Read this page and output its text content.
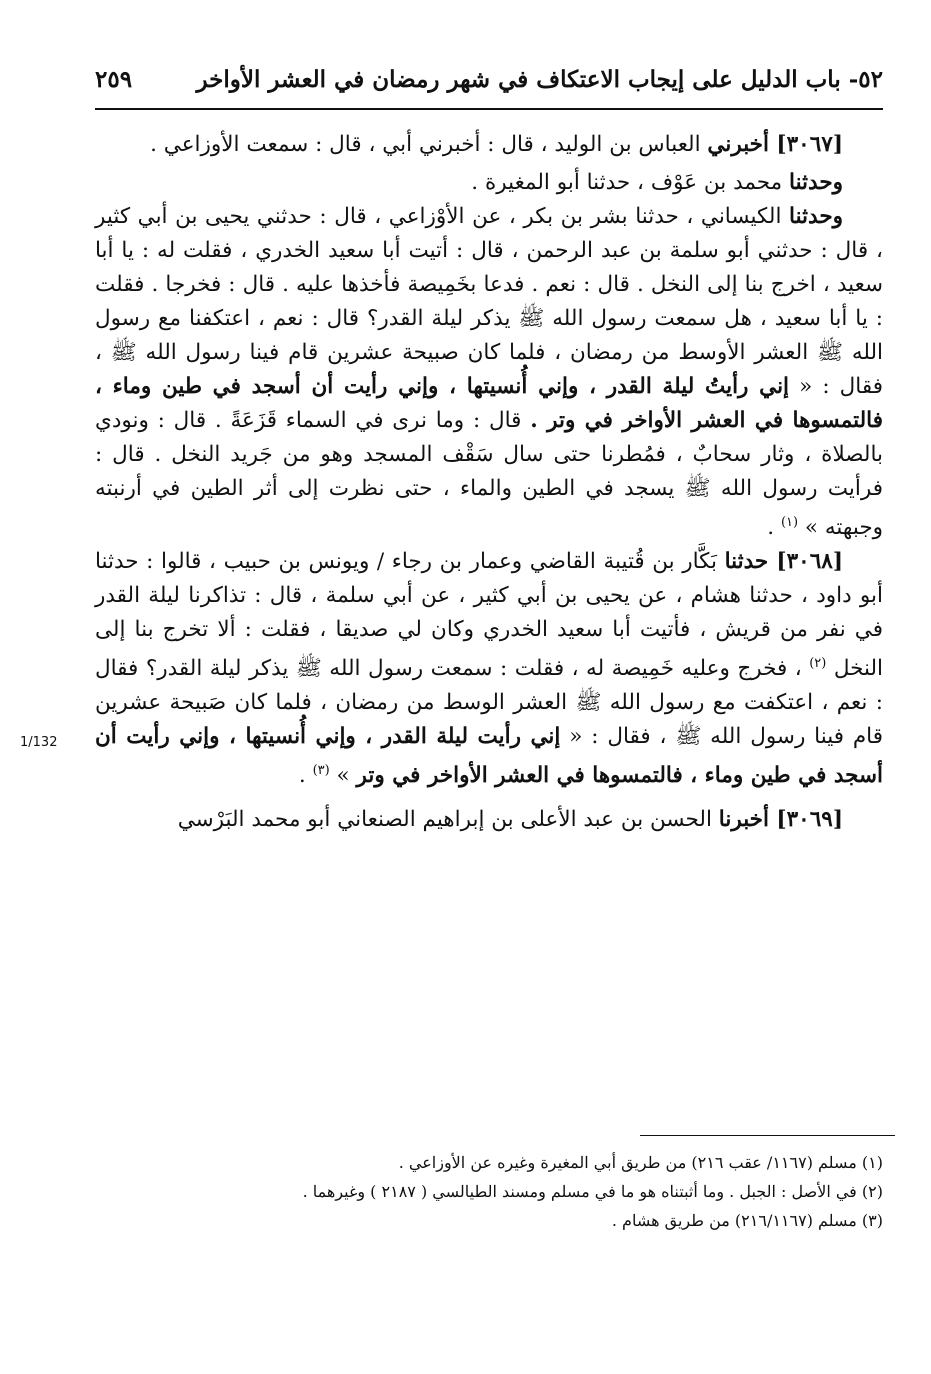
٥٢- باب الدليل على إيجاب الاعتكاف في شهر رمضان في العشر الأواخر
٢٥٩
1/132

[٣٠٦٧] أخبرني العباس بن الوليد ، قال : أخبرني أبي ، قال : سمعت الأوزاعي .

وحدثنا محمد بن عَوْف ، حدثنا أبو المغيرة .

وحدثنا الكيساني ، حدثنا بشر بن بكر ، عن الأوْزاعي ، قال : حدثني يحيى بن أبي كثير ، قال : حدثني أبو سلمة بن عبد الرحمن ، قال : أتيت أبا سعيد الخدري ، فقلت له : يا أبا سعيد ، اخرج بنا إلى النخل . قال : نعم . فدعا بخَمِيصة فأخذها عليه . قال : فخرجا . فقلت : يا أبا سعيد ، هل سمعت رسول الله ﷺ يذكر ليلة القدر؟ قال : نعم ، اعتكفنا مع رسول الله ﷺ العشر الأوسط من رمضان ، فلما كان صبيحة عشرين قام فينا رسول الله ﷺ ، فقال : « إني رأيتُ ليلة القدر ، وإني أُنسيتها ، وإني رأيت أن أسجد في طين وماء ، فالتمسوها في العشر الأواخر في وتر . قال : وما نرى في السماء قَزَعَةً . قال : ونودي بالصلاة ، وثار سحابٌ ، فمُطرنا حتى سال سَقْف المسجد وهو من جَريد النخل . قال : فرأيت رسول الله ﷺ يسجد في الطين والماء ، حتى نظرت إلى أثر الطين في أرنبته وجبهته » $^{(١)}$ .

[٣٠٦٨] حدثنا بَكَّار بن قُتيبة القاضي وعمار بن رجاء / ويونس بن حبيب ، قالوا : حدثنا أبو داود ، حدثنا هشام ، عن يحيى بن أبي كثير ، عن أبي سلمة ، قال : تذاكرنا ليلة القدر في نفر من قريش ، فأتيت أبا سعيد الخدري وكان لي صديقا ، فقلت : ألا تخرج بنا إلى النخل $^{(٢)}$ ، فخرج وعليه خَمِيصة له ، فقلت : سمعت رسول الله ﷺ يذكر ليلة القدر؟ فقال : نعم ، اعتكفت مع رسول الله ﷺ العشر الوسط من رمضان ، فلما كان صَبيحة عشرين قام فينا رسول الله ﷺ ، فقال : « إني رأيت ليلة القدر ، وإني أُنسيتها ، وإني رأيت أن أسجد في طين وماء ، فالتمسوها في العشر الأواخر في وتر » $^{(٣)}$ .

[٣٠٦٩] أخبرنا الحسن بن عبد الأعلى بن إبراهيم الصنعاني أبو محمد البَرْسي

(١) مسلم (١١٦٧/ عقب ٢١٦) من طريق أبي المغيرة وغيره عن الأوزاعي .
(٢) في الأصل : الجبل . وما أثبتناه هو ما في مسلم ومسند الطيالسي ( ٢١٨٧ ) وغيرهما .
(٣) مسلم (٢١٦/١١٦٧) من طريق هشام .
